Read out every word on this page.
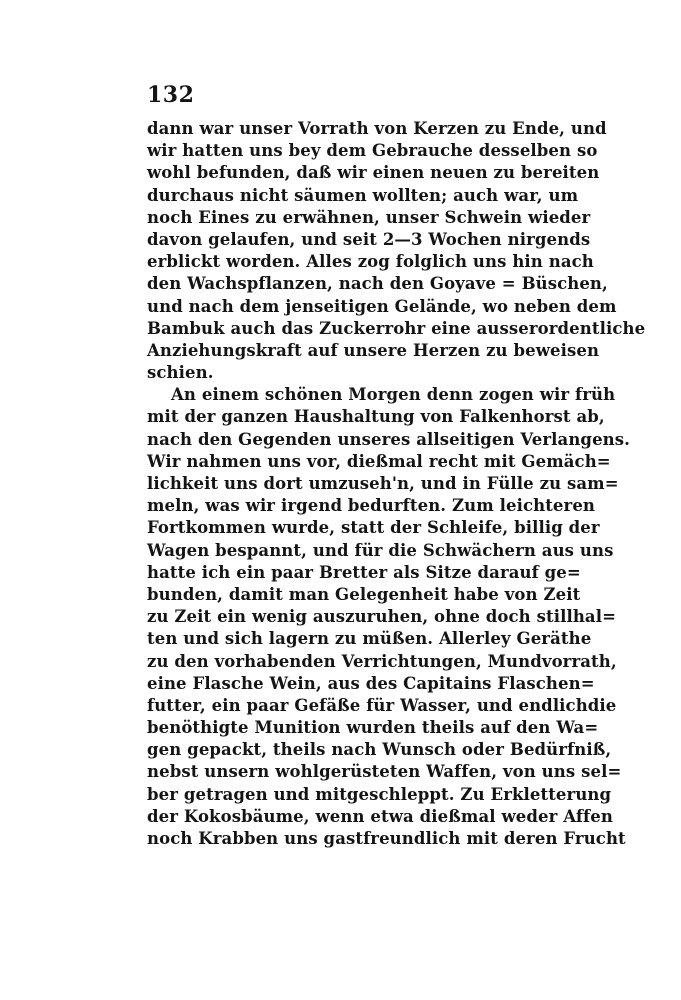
132
dann war unser Vorrath von Kerzen zu Ende, und
wir hatten uns bey dem Gebrauche desselben so
wohl befunden, daß wir einen neuen zu bereiten
durchaus nicht säumen wollten; auch war, um
noch Eines zu erwähnen, unser Schwein wieder
davon gelaufen, und seit 2—3 Wochen nirgends
erblickt worden. Alles zog folglich uns hin nach
den Wachspflanzen, nach den Goyave = Büschen,
und nach dem jenseitigen Gelände, wo neben dem
Bambuk auch das Zuckerrohr eine ausserordentliche
Anziehungskraft auf unsere Herzen zu beweisen
schien.
An einem schönen Morgen denn zogen wir früh
mit der ganzen Haushaltung von Falkenhorst ab,
nach den Gegenden unseres allseitigen Verlangens.
Wir nahmen uns vor, dießmal recht mit Gemäch=
lichkeit uns dort umzuseh'n, und in Fülle zu sam=
meln, was wir irgend bedurften. Zum leichteren
Fortkommen wurde, statt der Schleife, billig der
Wagen bespannt, und für die Schwächern aus uns
hatte ich ein paar Bretter als Sitze darauf ge=
bunden, damit man Gelegenheit habe von Zeit
zu Zeit ein wenig auszuruhen, ohne doch stillhal=
ten und sich lagern zu müßen. Allerley Geräthe
zu den vorhabenden Verrichtungen, Mundvorrath,
eine Flasche Wein, aus des Capitains Flaschen=
futter, ein paar Gefäße für Wasser, und endlichdie
benöthigte Munition wurden theils auf den Wa=
gen gepackt, theils nach Wunsch oder Bedürfniß,
nebst unsern wohlgerüsteten Waffen, von uns sel=
ber getragen und mitgeschleppt. Zu Erkletterung
der Kokosbäume, wenn etwa dießmal weder Affen
noch Krabben uns gastfreundlich mit deren Frucht
